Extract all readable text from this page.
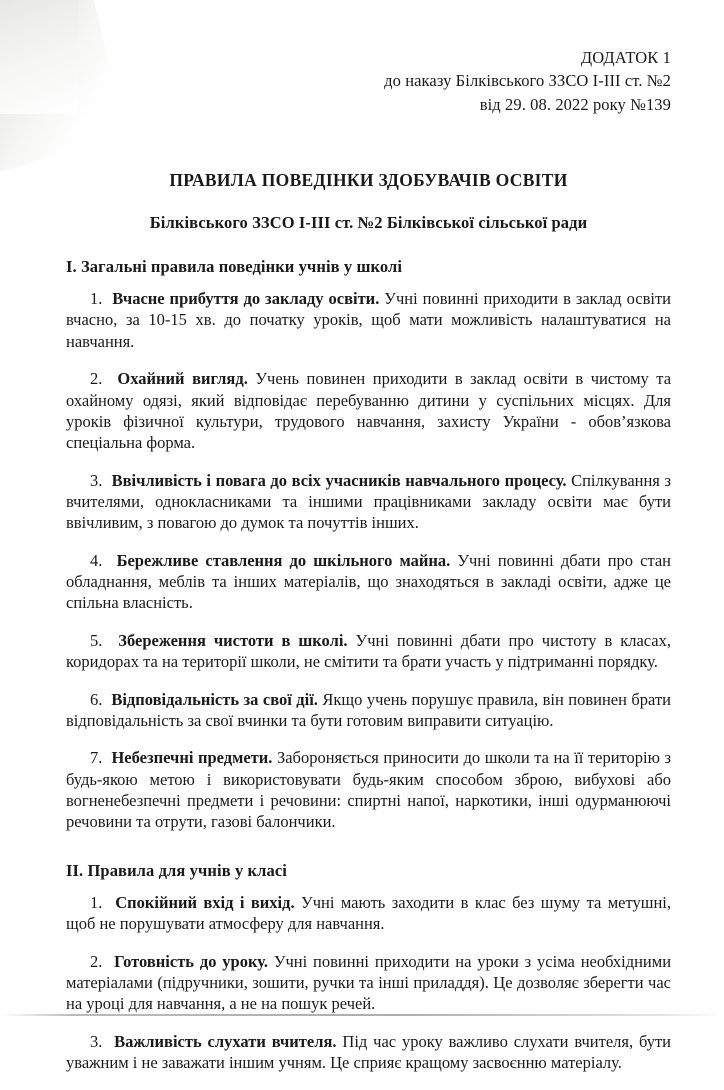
ДОДАТОК 1
до наказу Білківського ЗЗСО I-III ст. №2
від 29. 08. 2022 року №139
ПРАВИЛА ПОВЕДІНКИ ЗДОБУВАЧІВ ОСВІТИ
Білківського ЗЗСО I-III ст. №2 Білківської сільської ради
І. Загальні правила поведінки учнів у школі

1. Вчасне прибуття до закладу освіти. Учні повинні приходити в заклад освіти вчасно, за 10-15 хв. до початку уроків, щоб мати можливість налаштуватися на навчання.

2. Охайний вигляд. Учень повинен приходити в заклад освіти в чистому та охайному одязі, який відповідає перебуванню дитини у суспільних місцях. Для уроків фізичної культури, трудового навчання, захисту України - обов’язкова спеціальна форма.

3. Ввічливість і повага до всіх учасників навчального процесу. Спілкування з вчителями, однокласниками та іншими працівниками закладу освіти має бути ввічливим, з повагою до думок та почуттів інших.

4. Бережливе ставлення до шкільного майна. Учні повинні дбати про стан обладнання, меблів та інших матеріалів, що знаходяться в закладі освіти, адже це спільна власність.

5. Збереження чистоти в школі. Учні повинні дбати про чистоту в класах, коридорах та на території школи, не смітити та брати участь у підтриманні порядку.

6. Відповідальність за свої дії. Якщо учень порушує правила, він повинен брати відповідальність за свої вчинки та бути готовим виправити ситуацію.

7. Небезпечні предмети. Забороняється приносити до школи та на її територію з будь-якою метою і використовувати будь-яким способом зброю, вибухові або вогненебезпечні предмети і речовини: спиртні напої, наркотики, інші одурманюючі речовини та отрути, газові балончики.

ІІ. Правила для учнів у класі

1. Спокійний вхід і вихід. Учні мають заходити в клас без шуму та метушні, щоб не порушувати атмосферу для навчання.

2. Готовність до уроку. Учні повинні приходити на уроки з усіма необхідними матеріалами (підручники, зошити, ручки та інші приладдя). Це дозволяє зберегти час на уроці для навчання, а не на пошук речей.

3. Важливість слухати вчителя. Під час уроку важливо слухати вчителя, бути уважним і не заважати іншим учням. Це сприяє кращому засвоєнню матеріалу.
